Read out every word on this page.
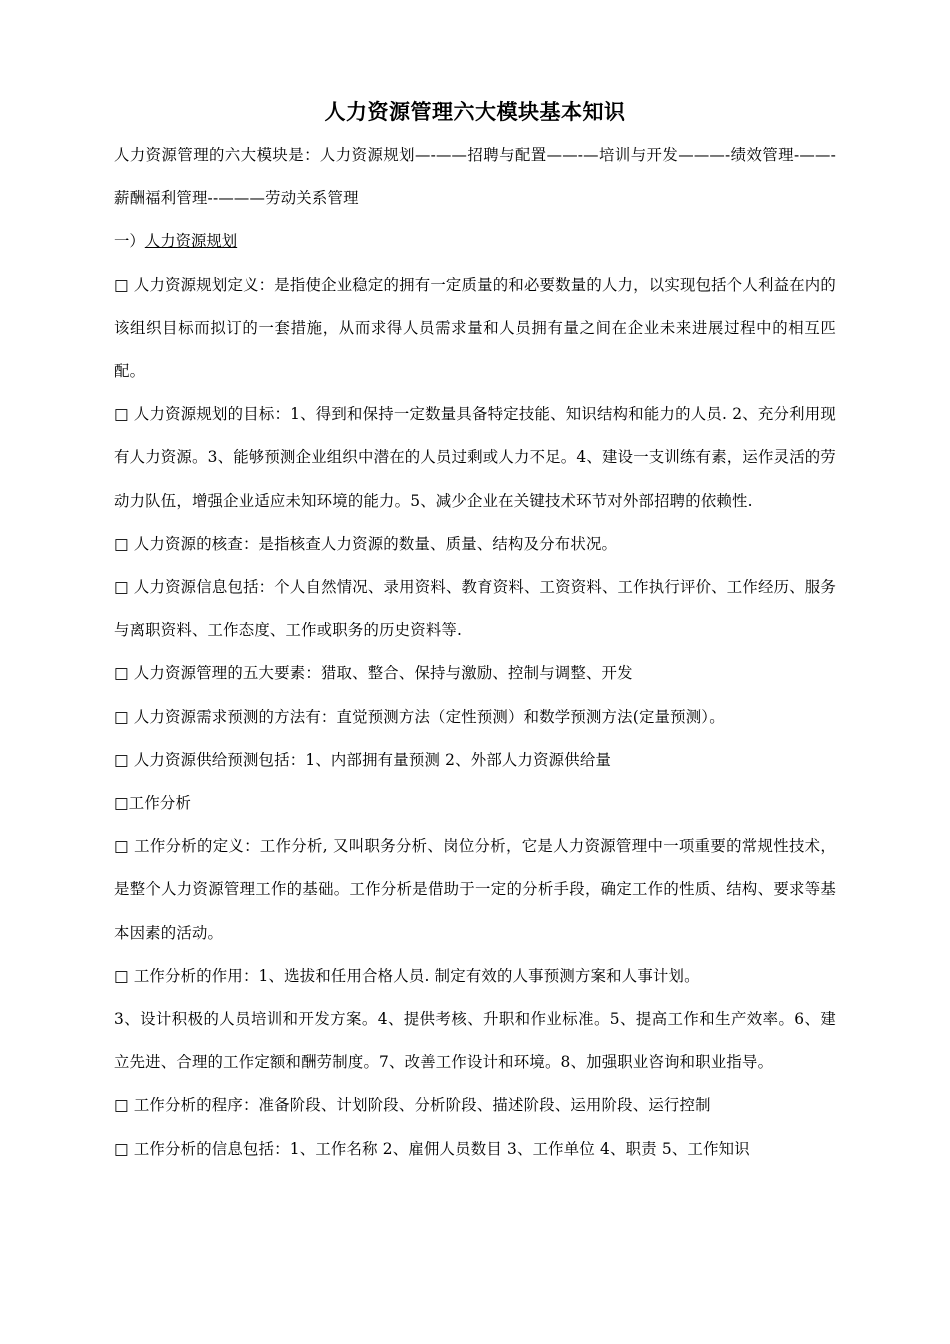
人力资源管理六大模块基本知识

人力资源管理的六大模块是：人力资源规划—-——招聘与配置——-—培训与开发———-绩效管理-——-薪酬福利管理--———劳动关系管理

一）人力资源规划

□ 人力资源规划定义：是指使企业稳定的拥有一定质量的和必要数量的人力，以实现包括个人利益在内的该组织目标而拟订的一套措施，从而求得人员需求量和人员拥有量之间在企业未来进展过程中的相互匹配。

□ 人力资源规划的目标：1、得到和保持一定数量具备特定技能、知识结构和能力的人员. 2、充分利用现有人力资源。3、能够预测企业组织中潜在的人员过剩或人力不足。4、建设一支训练有素，运作灵活的劳动力队伍，增强企业适应未知环境的能力。5、减少企业在关键技术环节对外部招聘的依赖性.

□ 人力资源的核查：是指核查人力资源的数量、质量、结构及分布状况。

□ 人力资源信息包括：个人自然情况、录用资料、教育资料、工资资料、工作执行评价、工作经历、服务与离职资料、工作态度、工作或职务的历史资料等.

□ 人力资源管理的五大要素：猎取、整合、保持与激励、控制与调整、开发

□ 人力资源需求预测的方法有：直觉预测方法（定性预测）和数学预测方法(定量预测）。

□ 人力资源供给预测包括：1、内部拥有量预测 2、外部人力资源供给量

□工作分析

□ 工作分析的定义：工作分析, 又叫职务分析、岗位分析，它是人力资源管理中一项重要的常规性技术，是整个人力资源管理工作的基础。工作分析是借助于一定的分析手段，确定工作的性质、结构、要求等基本因素的活动。

□ 工作分析的作用：1、选拔和任用合格人员. 制定有效的人事预测方案和人事计划。

3、设计积极的人员培训和开发方案。4、提供考核、升职和作业标准。5、提高工作和生产效率。6、建立先进、合理的工作定额和酬劳制度。7、改善工作设计和环境。8、加强职业咨询和职业指导。

□ 工作分析的程序：准备阶段、计划阶段、分析阶段、描述阶段、运用阶段、运行控制

□ 工作分析的信息包括：1、工作名称 2、雇佣人员数目 3、工作单位 4、职责 5、工作知识
